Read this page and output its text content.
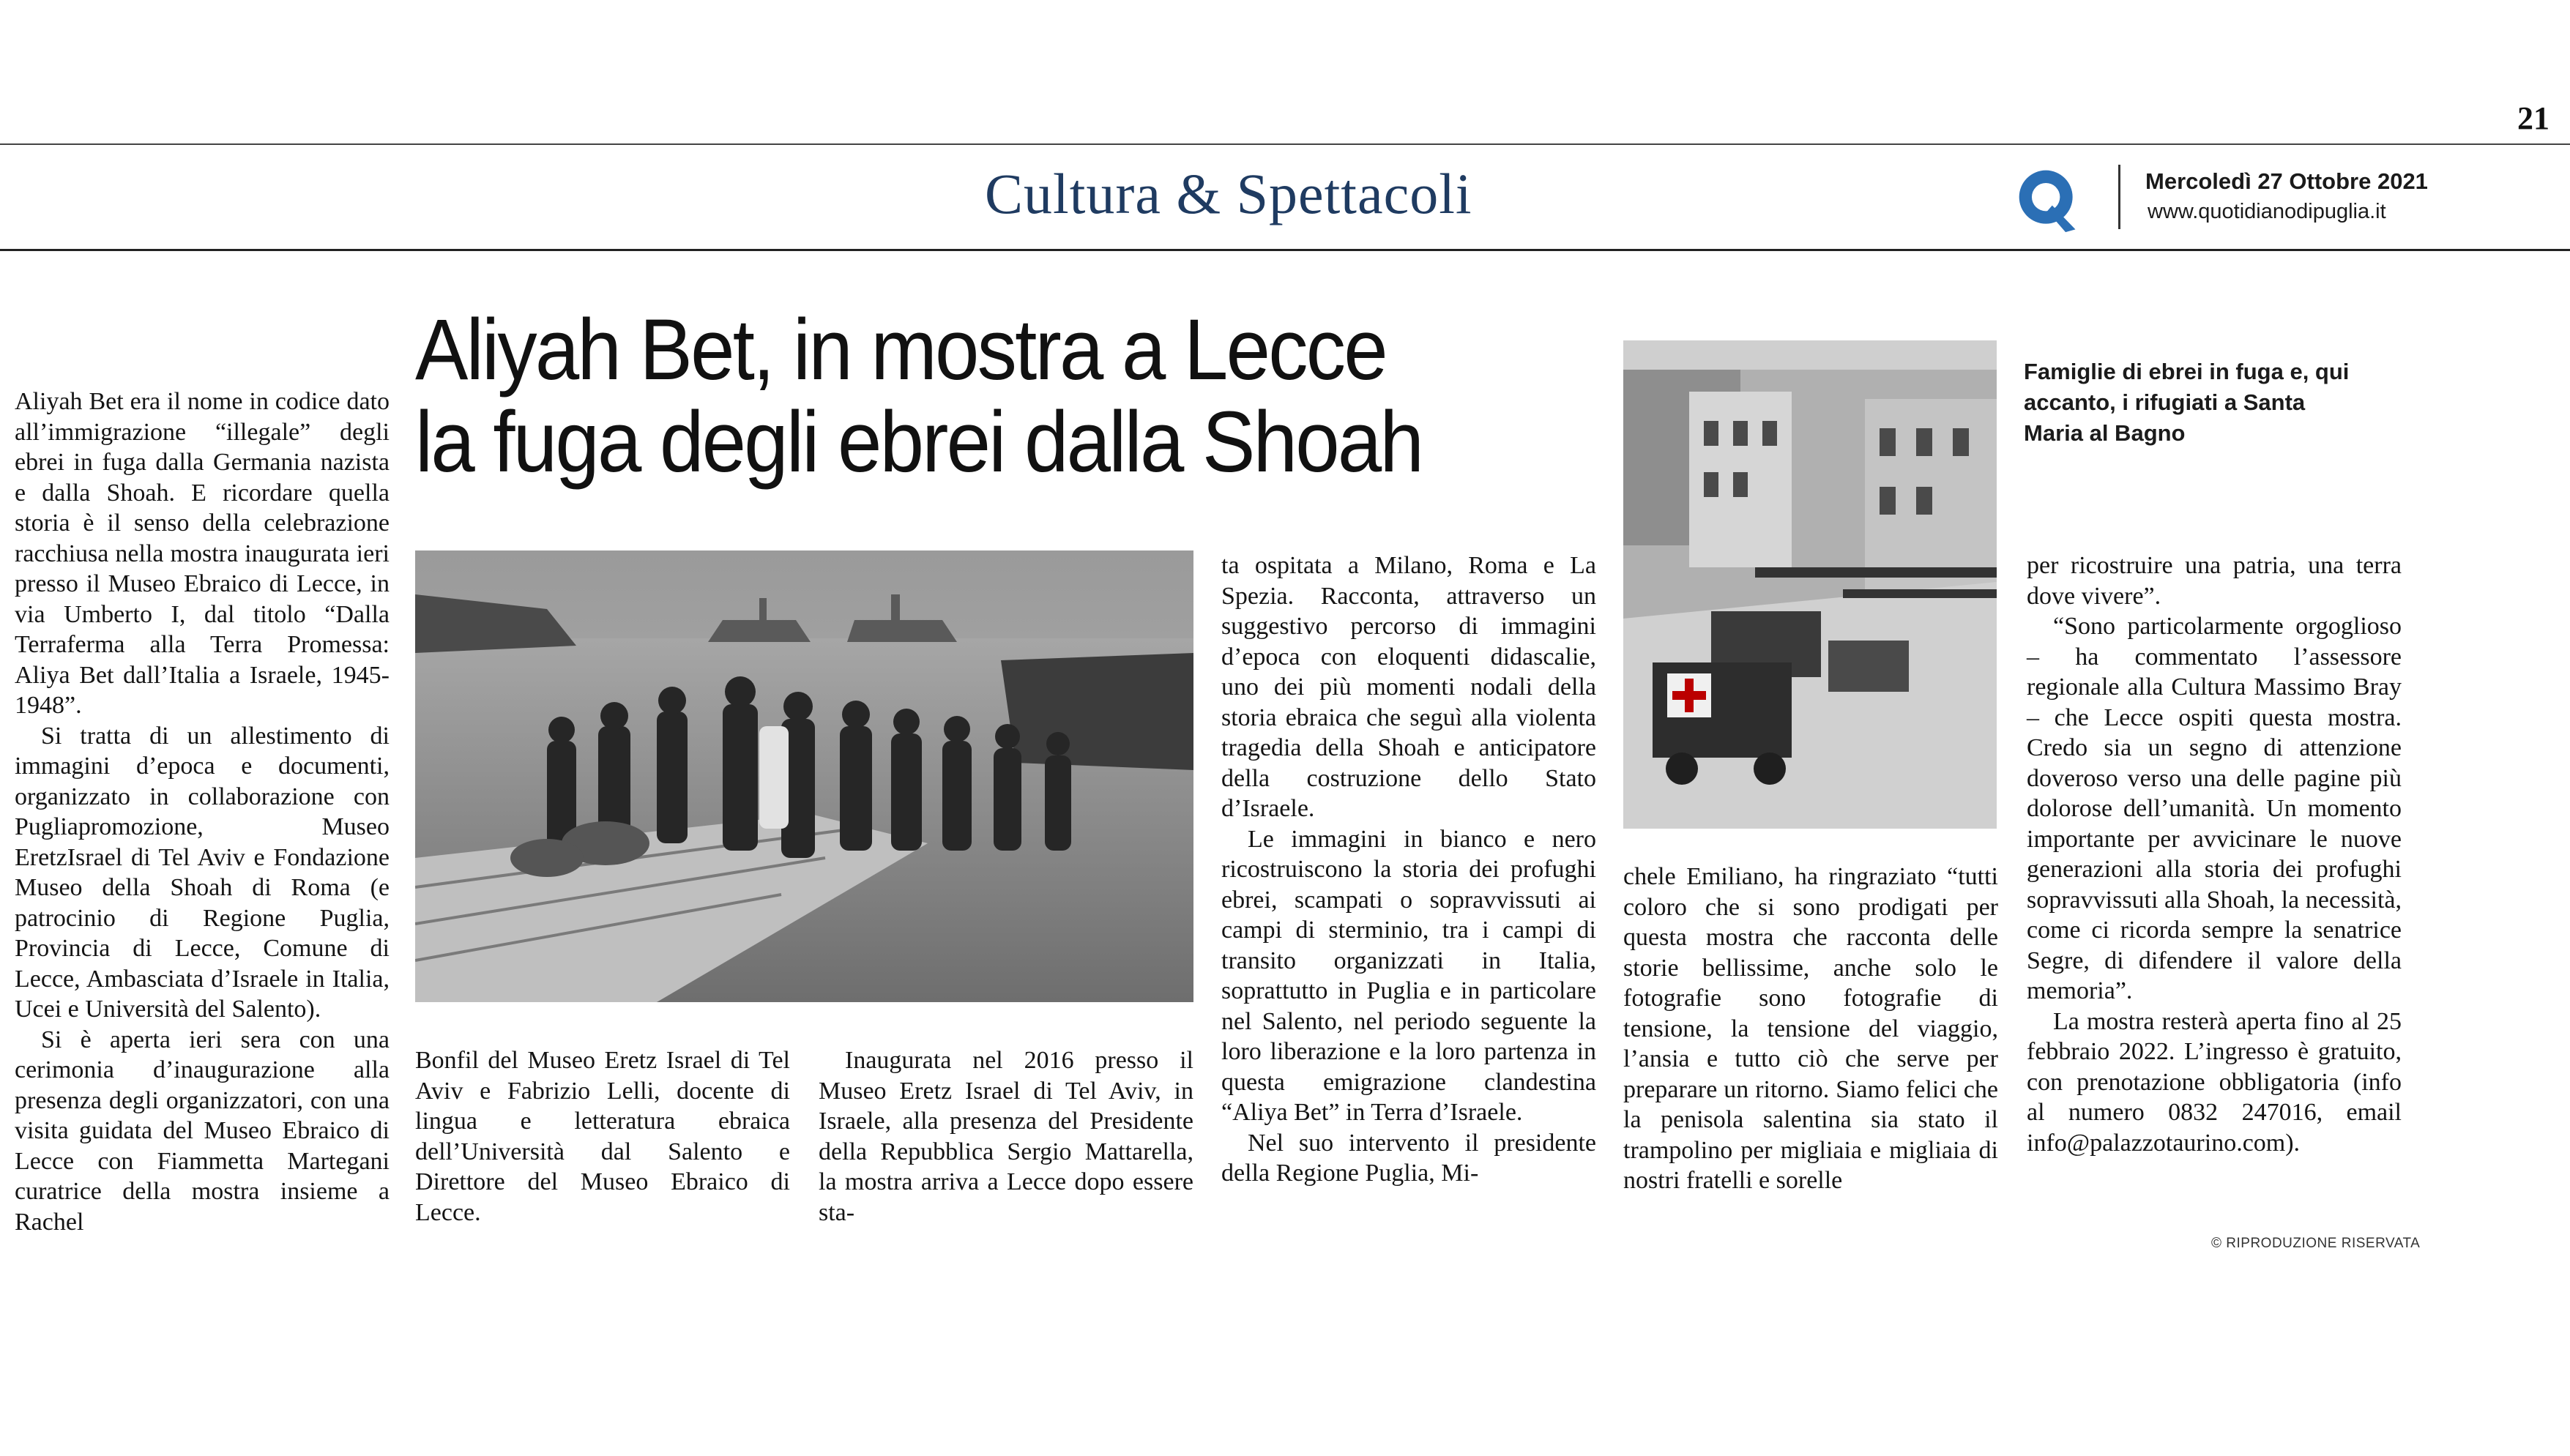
21
Cultura & Spettacoli	Mercoledì 27 Ottobre 2021
www.quotidianodipuglia.it
Aliyah Bet, in mostra a Lecce
la fuga degli ebrei dalla Shoah

Aliyah Bet era il nome in codice dato all’immigrazione “illegale” degli ebrei in fuga dalla Germania nazista e dalla Shoah. E ricordare quella storia è il senso della celebrazione racchiusa nella mostra inaugurata ieri presso il Museo Ebraico di Lecce, in via Umberto I, dal titolo “Dalla Terraferma alla Terra Promessa: Aliya Bet dall’Italia a Israele, 1945-1948”.

Si tratta di un allestimento di immagini d’epoca e documenti, organizzato in collaborazione con Pugliapromozione, Museo EretzIsrael di Tel Aviv e Fondazione Museo della Shoah di Roma (e patrocinio di Regione Puglia, Provincia di Lecce, Comune di Lecce, Ambasciata d’Israele in Italia, Ucei e Università del Salento).

Si è aperta ieri sera con una cerimonia d’inaugurazione alla presenza degli organizzatori, con una visita guidata del Museo Ebraico di Lecce con Fiammetta Martegani curatrice della mostra insieme a Rachel

Bonfil del Museo Eretz Israel di Tel Aviv e Fabrizio Lelli, docente di lingua e letteratura ebraica dell’Università dal Salento e Direttore del Museo Ebraico di Lecce.

Inaugurata nel 2016 presso il Museo Eretz Israel di Tel Aviv, in Israele, alla presenza del Presidente della Repubblica Sergio Mattarella, la mostra arriva a Lecce dopo essere sta-

ta ospitata a Milano, Roma e La Spezia. Racconta, attraverso un suggestivo percorso di immagini d’epoca con eloquenti didascalie, uno dei più momenti nodali della storia ebraica che seguì alla violenta tragedia della Shoah e anticipatore della costruzione dello Stato d’Israele.

Le immagini in bianco e nero ricostruiscono la storia dei profughi ebrei, scampati o sopravvissuti ai campi di sterminio, tra i campi di transito organizzati in Italia, soprattutto in Puglia e in particolare nel Salento, nel periodo seguente la loro liberazione e la loro partenza in questa emigrazione clandestina “Aliya Bet” in Terra d’Israele.

Nel suo intervento il presidente della Regione Puglia, Mi-

Famiglie di ebrei in fuga e, qui accanto, i rifugiati a Santa Maria al Bagno

chele Emiliano, ha ringraziato “tutti coloro che si sono prodigati per questa mostra che racconta delle storie bellissime, anche solo le fotografie sono fotografie di tensione, la tensione del viaggio, l’ansia e tutto ciò che serve per preparare un ritorno. Siamo felici che la penisola salentina sia stato il trampolino per migliaia e migliaia di nostri fratelli e sorelle

per ricostruire una patria, una terra dove vivere”.

“Sono particolarmente orgoglioso – ha commentato l’assessore regionale alla Cultura Massimo Bray – che Lecce ospiti questa mostra. Credo sia un segno di attenzione doveroso verso una delle pagine più dolorose dell’umanità. Un momento importante per avvicinare le nuove generazioni alla storia dei profughi sopravvissuti alla Shoah, la necessità, come ci ricorda sempre la senatrice Segre, di difendere il valore della memoria”.

La mostra resterà aperta fino al 25 febbraio 2022. L’ingresso è gratuito, con prenotazione obbligatoria (info al numero 0832 247016, email info@palazzotaurino.com).

© RIPRODUZIONE RISERVATA
